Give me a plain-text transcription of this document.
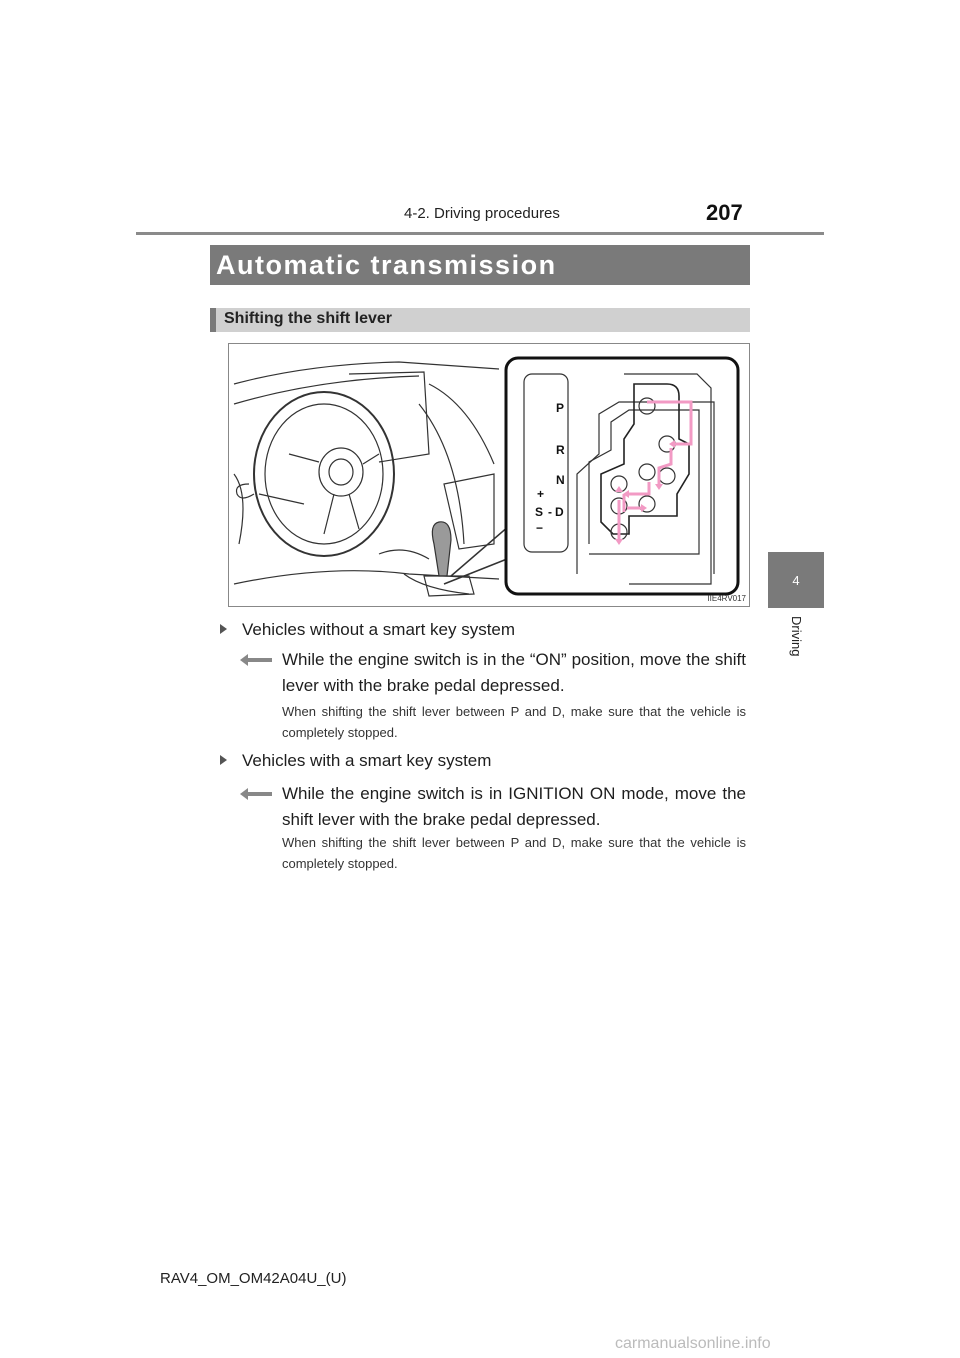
4-2. Driving procedures	207
4
Driving
Automatic transmission
Shifting the shift lever
P
R
N
+
S - D
−
IIE4RV017
Vehicles without a smart key system
While the engine switch is in the “ON” position, move the shift lever with the brake pedal depressed.
When shifting the shift lever between P and D, make sure that the vehicle is completely stopped.
Vehicles with a smart key system
While the engine switch is in IGNITION ON mode, move the shift lever with the brake pedal depressed.
When shifting the shift lever between P and D, make sure that the vehicle is completely stopped.
RAV4_OM_OM42A04U_(U)
carmanualsonline.info
